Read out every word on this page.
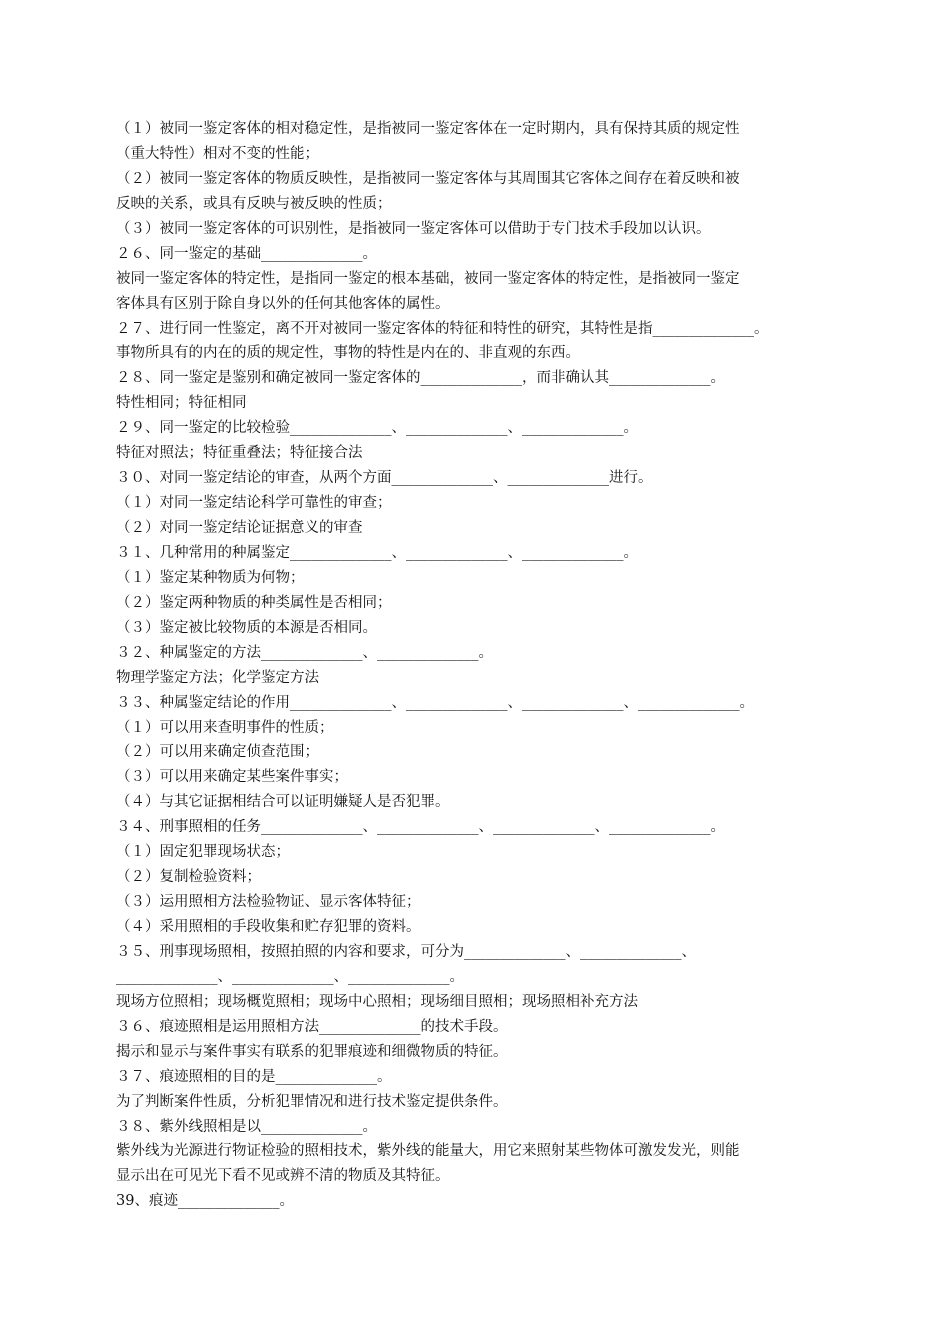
（１）被同一鉴定客体的相对稳定性，是指被同一鉴定客体在一定时期内，具有保持其质的规定性
（重大特性）相对不变的性能；
（２）被同一鉴定客体的物质反映性，是指被同一鉴定客体与其周围其它客体之间存在着反映和被
反映的关系，或具有反映与被反映的性质；
（３）被同一鉴定客体的可识别性，是指被同一鉴定客体可以借助于专门技术手段加以认识。
２６、同一鉴定的基础______________。
被同一鉴定客体的特定性，是指同一鉴定的根本基础，被同一鉴定客体的特定性，是指被同一鉴定
客体具有区别于除自身以外的任何其他客体的属性。
２７、进行同一性鉴定，离不开对被同一鉴定客体的特征和特性的研究，其特性是指______________。
事物所具有的内在的质的规定性，事物的特性是内在的、非直观的东西。
２８、同一鉴定是鉴别和确定被同一鉴定客体的______________，而非确认其______________。
特性相同；特征相同
２９、同一鉴定的比较检验______________、______________、______________。
特征对照法；特征重叠法；特征接合法
３０、对同一鉴定结论的审查，从两个方面______________、______________进行。
（１）对同一鉴定结论科学可靠性的审查；
（２）对同一鉴定结论证据意义的审查
３１、几种常用的种属鉴定______________、______________、______________。
（１）鉴定某种物质为何物；
（２）鉴定两种物质的种类属性是否相同；
（３）鉴定被比较物质的本源是否相同。
３２、种属鉴定的方法______________、______________。
物理学鉴定方法；化学鉴定方法
３３、种属鉴定结论的作用______________、______________、______________、______________。
（１）可以用来查明事件的性质；
（２）可以用来确定侦查范围；
（３）可以用来确定某些案件事实；
（４）与其它证据相结合可以证明嫌疑人是否犯罪。
３４、刑事照相的任务______________、______________、______________、______________。
（１）固定犯罪现场状态；
（２）复制检验资料；
（３）运用照相方法检验物证、显示客体特征；
（４）采用照相的手段收集和贮存犯罪的资料。
３５、刑事现场照相，按照拍照的内容和要求，可分为______________、______________、
______________、______________、______________。
现场方位照相；现场概览照相；现场中心照相；现场细目照相；现场照相补充方法
３６、痕迹照相是运用照相方法______________的技术手段。
揭示和显示与案件事实有联系的犯罪痕迹和细微物质的特征。
３７、痕迹照相的目的是______________。
为了判断案件性质，分析犯罪情况和进行技术鉴定提供条件。
３８、紫外线照相是以______________。
紫外线为光源进行物证检验的照相技术，紫外线的能量大，用它来照射某些物体可激发发光，则能
显示出在可见光下看不见或辨不清的物质及其特征。
39、痕迹______________。
